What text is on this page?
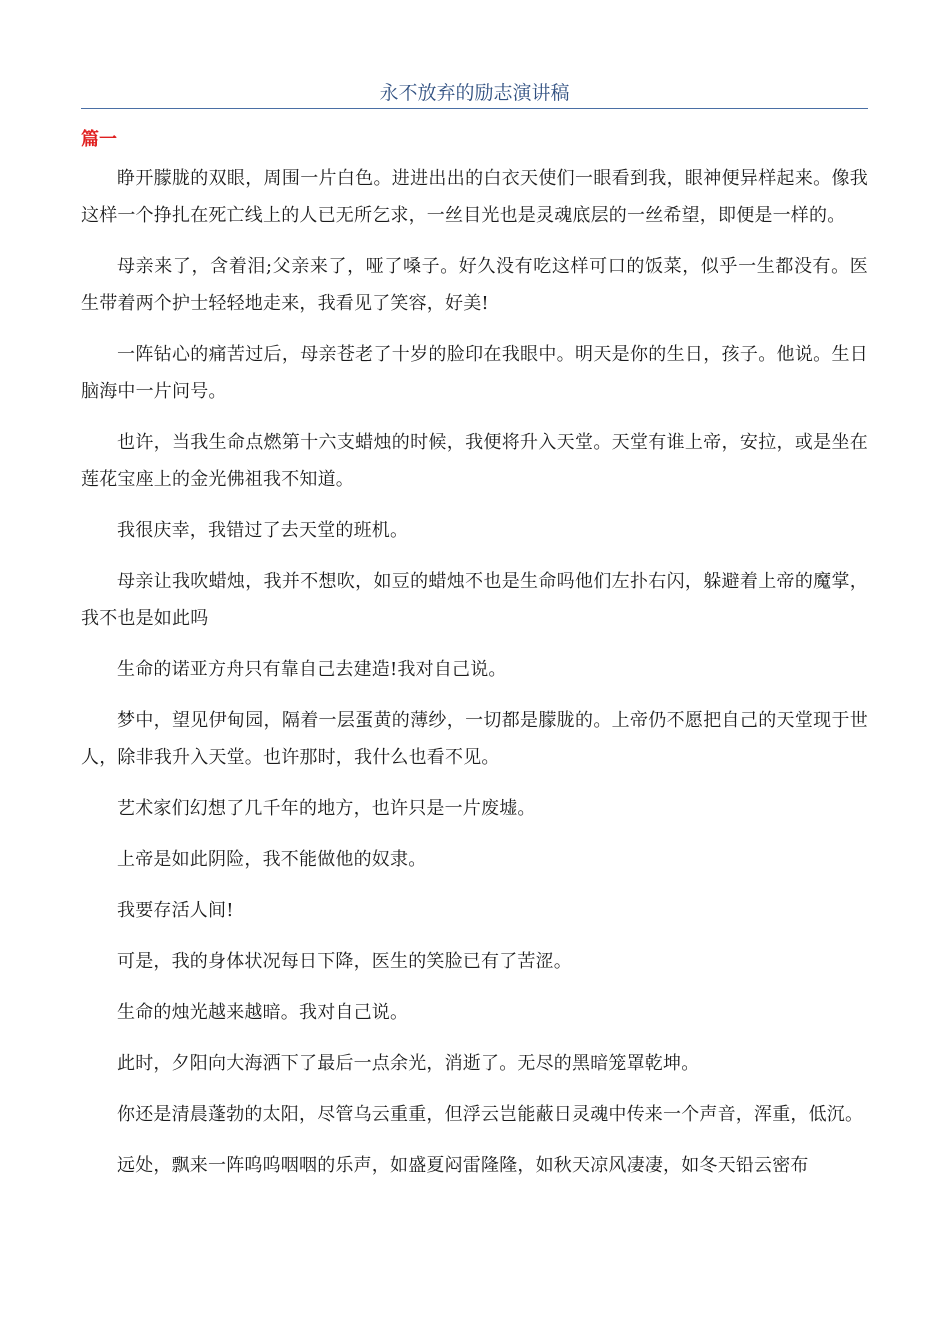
永不放弃的励志演讲稿
篇一

睁开朦胧的双眼，周围一片白色。进进出出的白衣天使们一眼看到我，眼神便异样起来。像我这样一个挣扎在死亡线上的人已无所乞求，一丝目光也是灵魂底层的一丝希望，即便是一样的。

母亲来了，含着泪;父亲来了，哑了嗓子。好久没有吃这样可口的饭菜，似乎一生都没有。医生带着两个护士轻轻地走来，我看见了笑容，好美!

一阵钻心的痛苦过后，母亲苍老了十岁的脸印在我眼中。明天是你的生日，孩子。他说。生日脑海中一片问号。

也许，当我生命点燃第十六支蜡烛的时候，我便将升入天堂。天堂有谁上帝，安拉，或是坐在莲花宝座上的金光佛祖我不知道。

我很庆幸，我错过了去天堂的班机。

母亲让我吹蜡烛，我并不想吹，如豆的蜡烛不也是生命吗他们左扑右闪，躲避着上帝的魔掌，我不也是如此吗

生命的诺亚方舟只有靠自己去建造!我对自己说。

梦中，望见伊甸园，隔着一层蛋黄的薄纱，一切都是朦胧的。上帝仍不愿把自己的天堂现于世人，除非我升入天堂。也许那时，我什么也看不见。

艺术家们幻想了几千年的地方，也许只是一片废墟。

上帝是如此阴险，我不能做他的奴隶。

我要存活人间!

可是，我的身体状况每日下降，医生的笑脸已有了苦涩。

生命的烛光越来越暗。我对自己说。

此时，夕阳向大海洒下了最后一点余光，消逝了。无尽的黑暗笼罩乾坤。

你还是清晨蓬勃的太阳，尽管乌云重重，但浮云岂能蔽日灵魂中传来一个声音，浑重，低沉。

远处，飘来一阵呜呜咽咽的乐声，如盛夏闷雷隆隆，如秋天凉风凄凄，如冬天铅云密布
